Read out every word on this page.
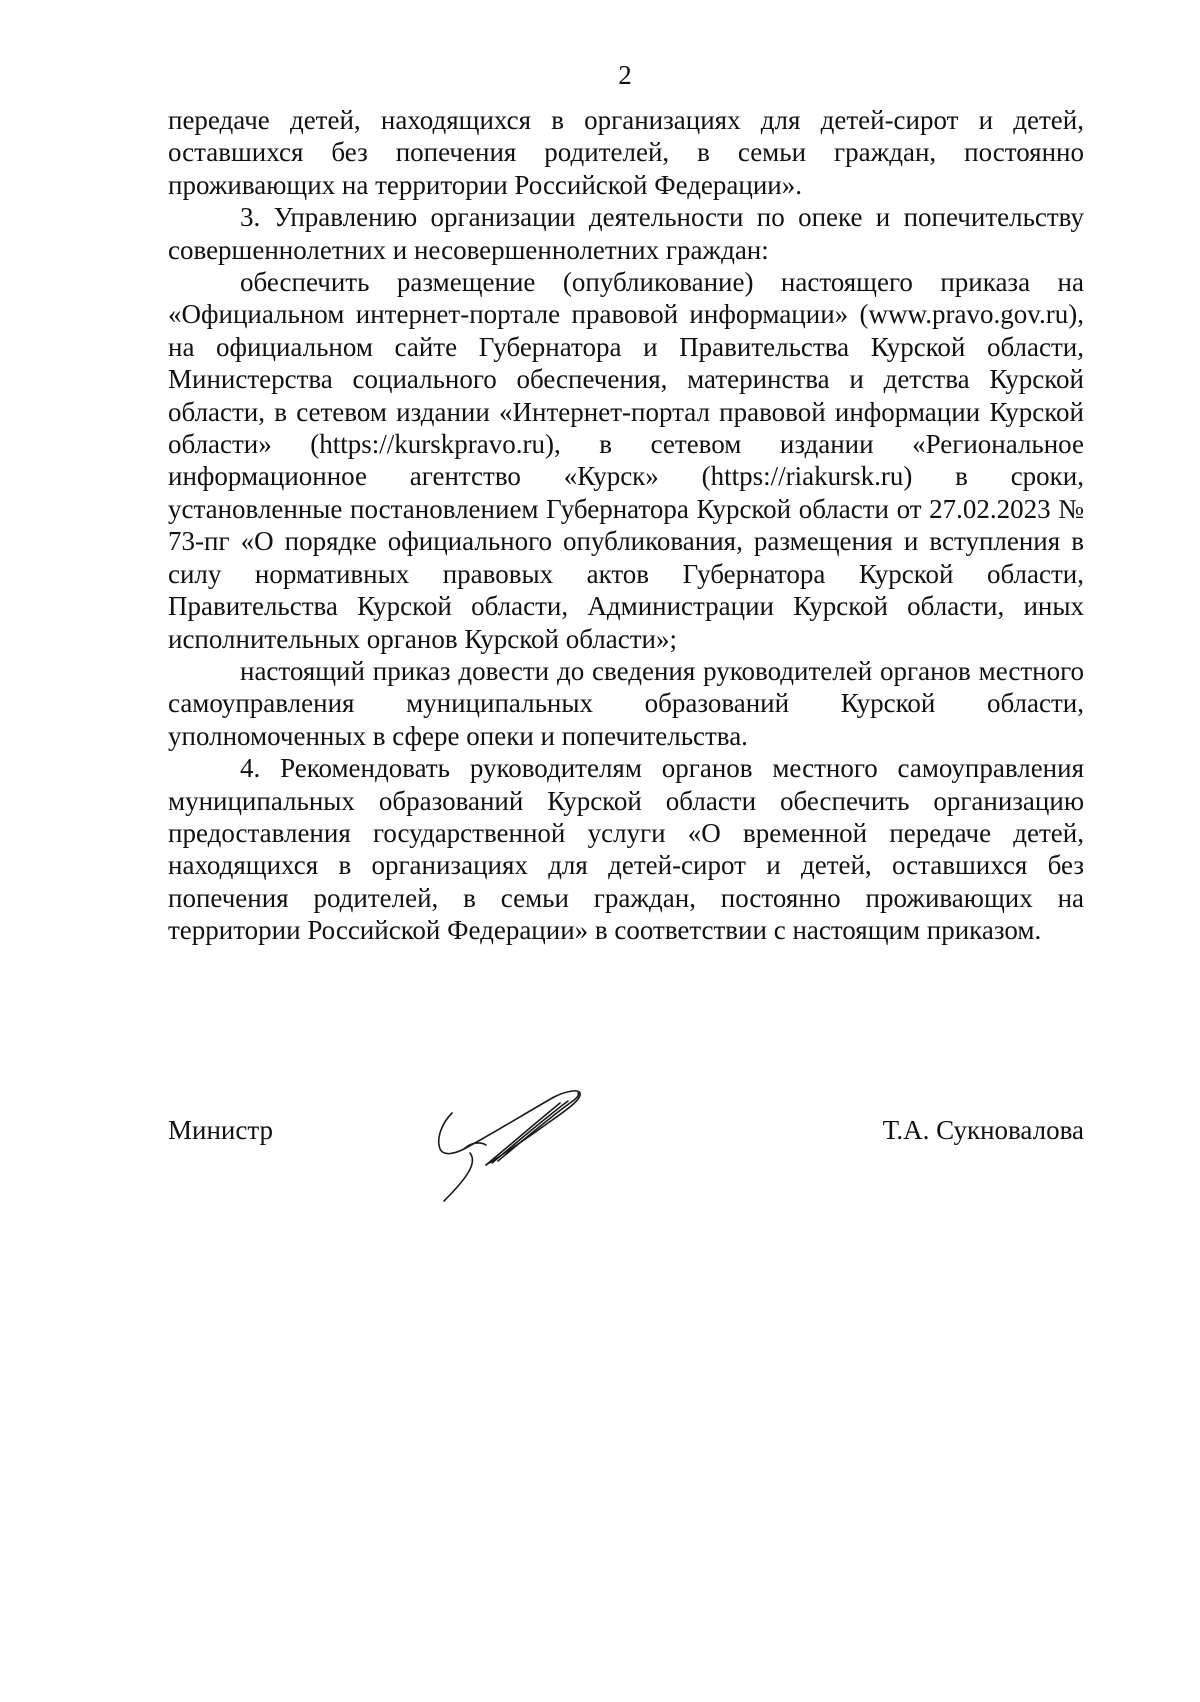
2

передаче детей, находящихся в организациях для детей-сирот и детей, оставшихся без попечения родителей, в семьи граждан, постоянно проживающих на территории Российской Федерации».

3. Управлению организации деятельности по опеке и попечительству совершеннолетних и несовершеннолетних граждан:

обеспечить размещение (опубликование) настоящего приказа на «Официальном интернет-портале правовой информации» (www.pravo.gov.ru), на официальном сайте Губернатора и Правительства Курской области, Министерства социального обеспечения, материнства и детства Курской области, в сетевом издании «Интернет-портал правовой информации Курской области» (https://kurskpravo.ru), в сетевом издании «Региональное информационное агентство «Курск» (https://riakursk.ru) в сроки, установленные постановлением Губернатора Курской области от 27.02.2023 № 73-пг «О порядке официального опубликования, размещения и вступления в силу нормативных правовых актов Губернатора Курской области, Правительства Курской области, Администрации Курской области, иных исполнительных органов Курской области»;

настоящий приказ довести до сведения руководителей органов местного самоуправления муниципальных образований Курской области, уполномоченных в сфере опеки и попечительства.

4. Рекомендовать руководителям органов местного самоуправления муниципальных образований Курской области обеспечить организацию предоставления государственной услуги «О временной передаче детей, находящихся в организациях для детей-сирот и детей, оставшихся без попечения родителей, в семьи граждан, постоянно проживающих на территории Российской Федерации» в соответствии с настоящим приказом.

Министр	Т.А. Сукновалова
